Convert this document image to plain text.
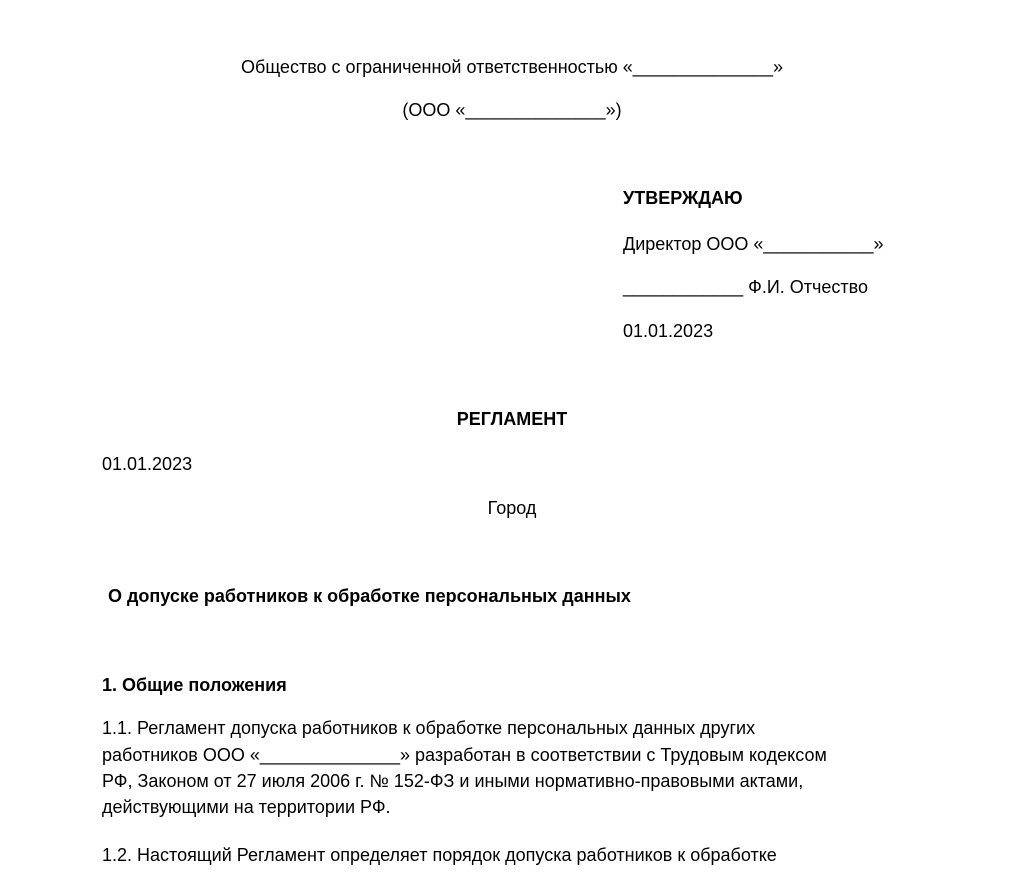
Общество с ограниченной ответственностью «______________»
(ООО «______________»)
УТВЕРЖДАЮ
Директор ООО «___________»
____________ Ф.И. Отчество
01.01.2023
РЕГЛАМЕНТ
01.01.2023
Город
О допуске работников к обработке персональных данных
1. Общие положения
1.1. Регламент допуска работников к обработке персональных данных других
работников ООО «______________» разработан в соответствии с Трудовым кодексом
РФ, Законом от 27 июля 2006 г. № 152-ФЗ и иными нормативно-правовыми актами,
действующими на территории РФ.
1.2. Настоящий Регламент определяет порядок допуска работников к обработке
